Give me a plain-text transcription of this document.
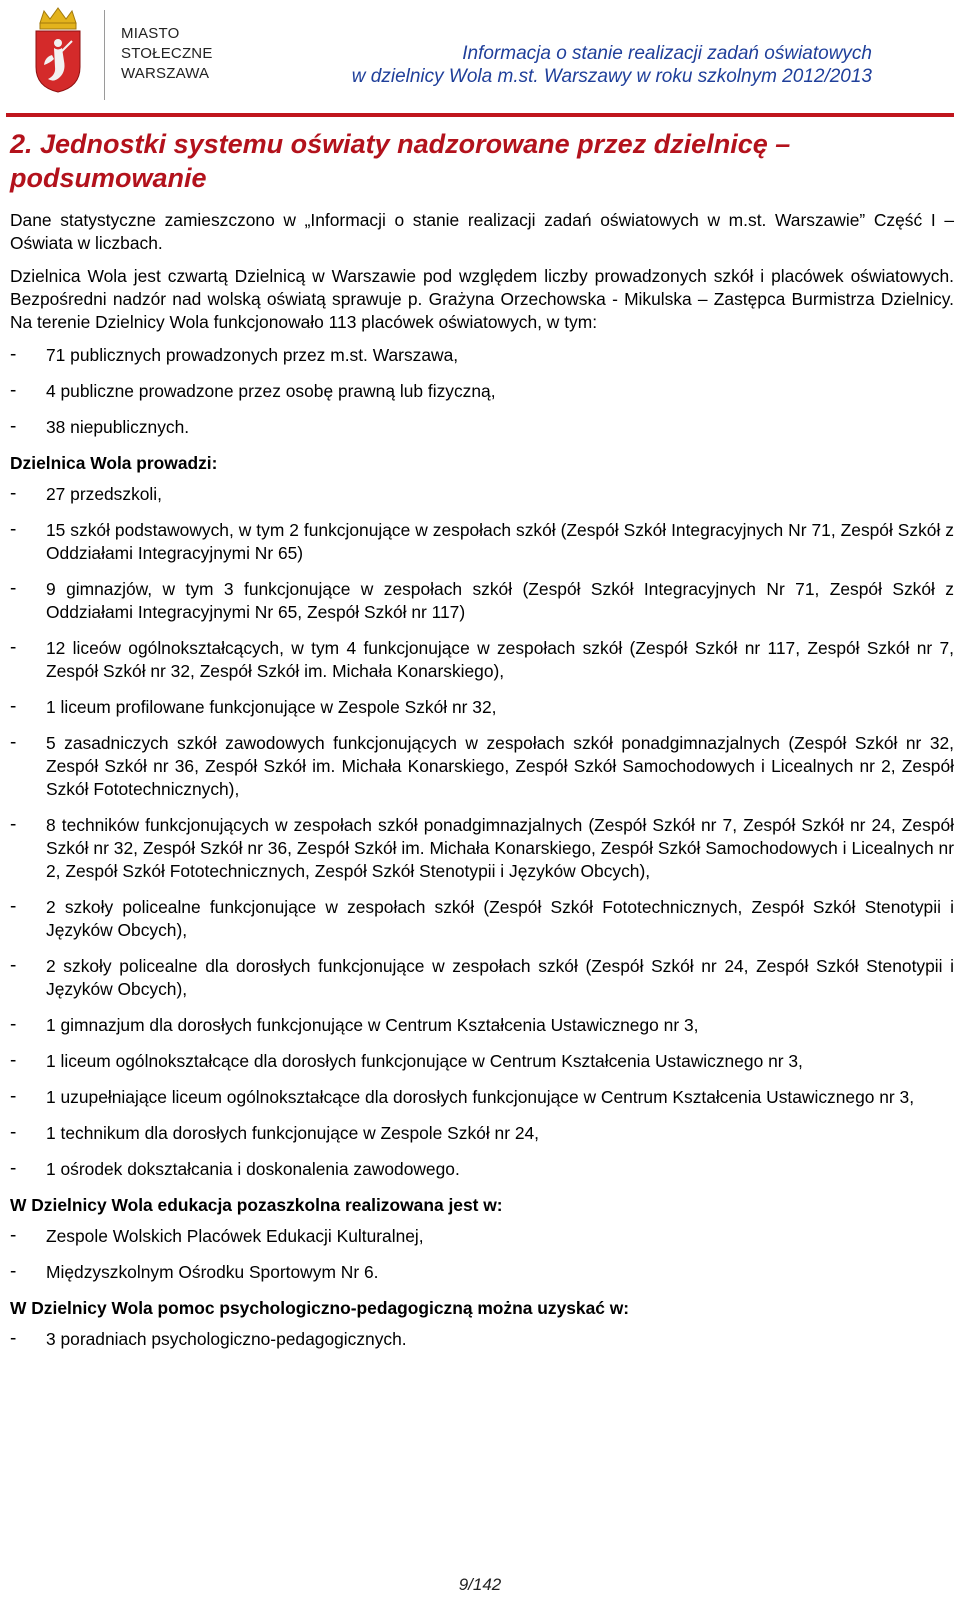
MIASTO
STOŁECZNE
WARSZAWA
Informacja o stanie realizacji zadań oświatowych
w dzielnicy Wola m.st. Warszawy w roku szkolnym 2012/2013
2. Jednostki systemu oświaty nadzorowane przez dzielnicę – podsumowanie

Dane statystyczne zamieszczono w „Informacji o stanie realizacji zadań oświatowych w m.st. Warszawie” Część I – Oświata w liczbach.

Dzielnica Wola jest czwartą Dzielnicą w Warszawie pod względem liczby prowadzonych szkół i placówek oświatowych. Bezpośredni nadzór nad wolską oświatą sprawuje p. Grażyna Orzechowska - Mikulska – Zastępca Burmistrza Dzielnicy. Na terenie Dzielnicy Wola funkcjonowało 113 placówek oświatowych, w tym:

- 71 publicznych prowadzonych przez m.st. Warszawa,
- 4 publiczne prowadzone przez osobę prawną lub fizyczną,
- 38 niepublicznych.

Dzielnica Wola prowadzi:

- 27 przedszkoli,
- 15 szkół podstawowych, w tym 2 funkcjonujące w zespołach szkół (Zespół Szkół Integracyjnych Nr 71, Zespół Szkół z Oddziałami Integracyjnymi Nr 65)
- 9 gimnazjów, w tym 3 funkcjonujące w zespołach szkół (Zespół Szkół Integracyjnych Nr 71, Zespół Szkół z Oddziałami Integracyjnymi Nr 65, Zespół Szkół nr 117)
- 12 liceów ogólnokształcących, w tym 4 funkcjonujące w zespołach szkół (Zespół Szkół nr 117, Zespół Szkół nr 7, Zespół Szkół nr 32, Zespół Szkół im. Michała Konarskiego),
- 1 liceum profilowane funkcjonujące w Zespole Szkół nr 32,
- 5 zasadniczych szkół zawodowych funkcjonujących w zespołach szkół ponadgimnazjalnych (Zespół Szkół nr 32, Zespół Szkół nr 36, Zespół Szkół im. Michała Konarskiego, Zespół Szkół Samochodowych i Licealnych nr 2, Zespół Szkół Fototechnicznych),
- 8 techników funkcjonujących w zespołach szkół ponadgimnazjalnych (Zespół Szkół nr 7, Zespół Szkół nr 24, Zespół Szkół nr 32, Zespół Szkół nr 36, Zespół Szkół im. Michała Konarskiego, Zespół Szkół Samochodowych i Licealnych nr 2, Zespół Szkół Fototechnicznych, Zespół Szkół Stenotypii i Języków Obcych),
- 2 szkoły policealne funkcjonujące w zespołach szkół (Zespół Szkół Fototechnicznych, Zespół Szkół Stenotypii i Języków Obcych),
- 2 szkoły policealne dla dorosłych funkcjonujące w zespołach szkół (Zespół Szkół nr 24, Zespół Szkół Stenotypii i Języków Obcych),
- 1 gimnazjum dla dorosłych funkcjonujące w Centrum Kształcenia Ustawicznego nr 3,
- 1 liceum ogólnokształcące dla dorosłych funkcjonujące w Centrum Kształcenia Ustawicznego nr 3,
- 1 uzupełniające liceum ogólnokształcące dla dorosłych funkcjonujące w Centrum Kształcenia Ustawicznego nr 3,
- 1 technikum dla dorosłych funkcjonujące w Zespole Szkół nr 24,
- 1 ośrodek dokształcania i doskonalenia zawodowego.

W Dzielnicy Wola edukacja pozaszkolna realizowana jest w:

- Zespole Wolskich Placówek Edukacji Kulturalnej,
- Międzyszkolnym Ośrodku Sportowym Nr 6.

W Dzielnicy Wola pomoc psychologiczno-pedagogiczną można uzyskać w:

- 3 poradniach psychologiczno-pedagogicznych.
9/142
